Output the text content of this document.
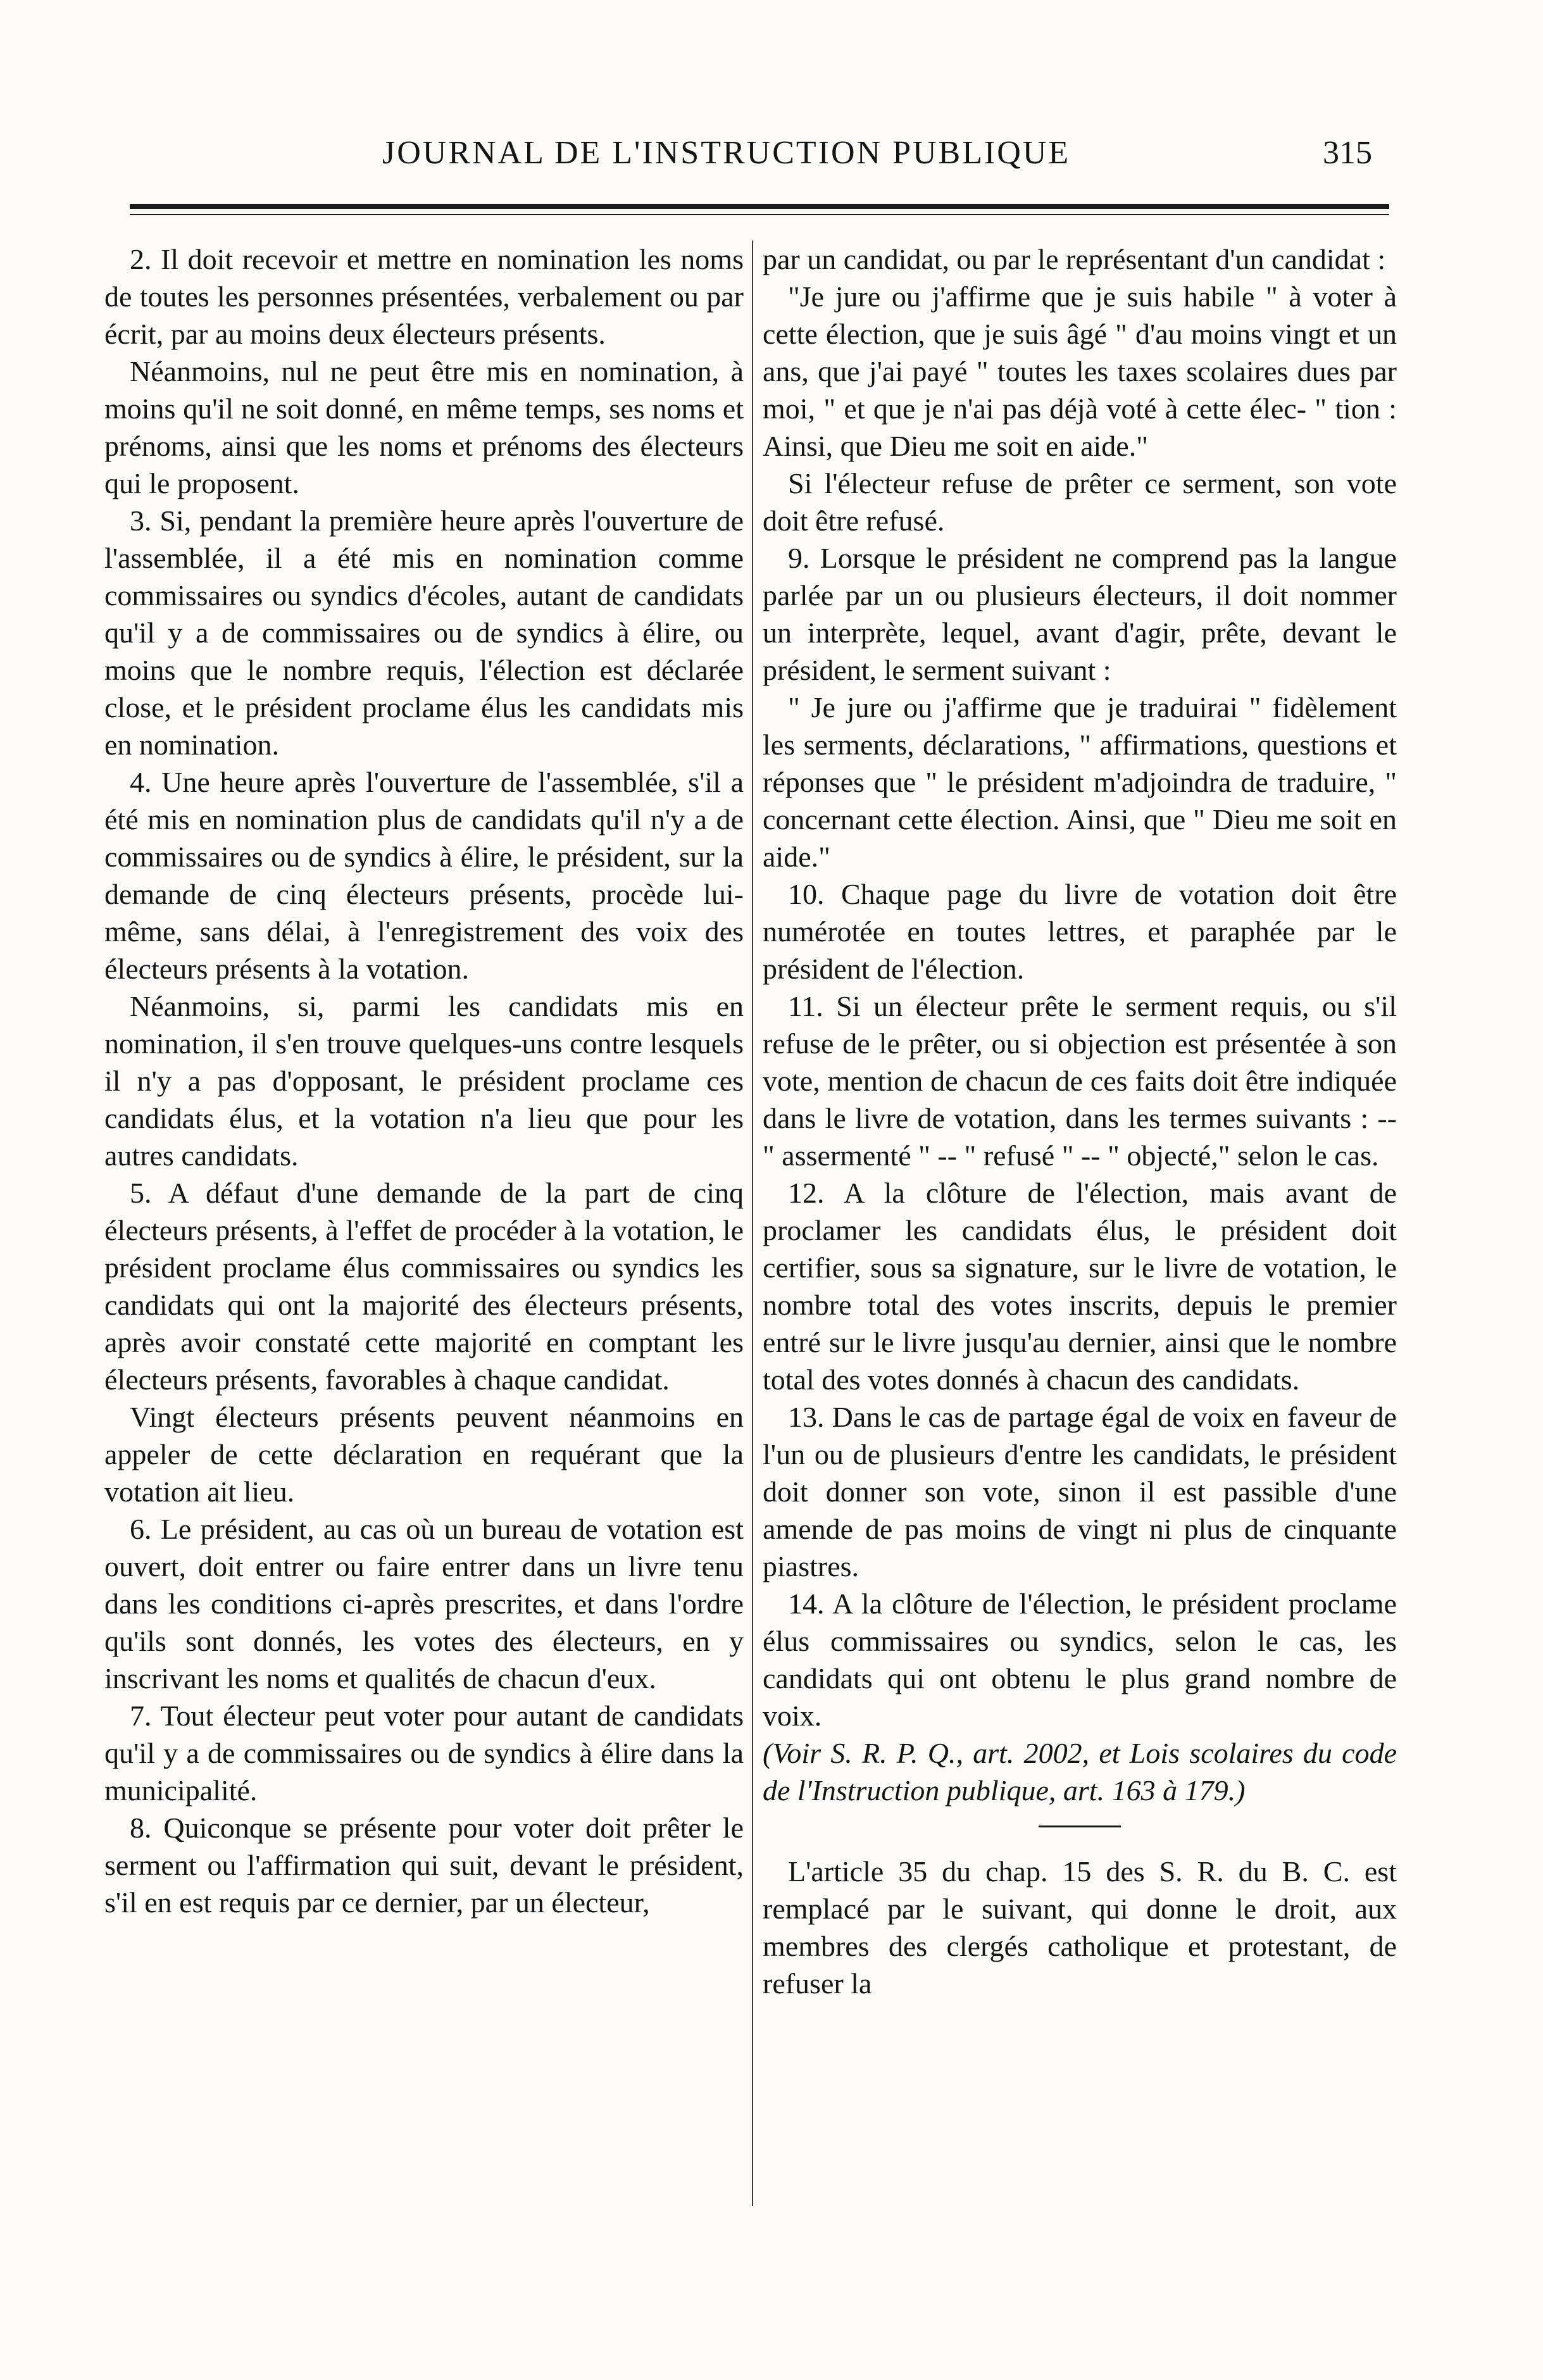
JOURNAL DE L'INSTRUCTION PUBLIQUE	315

2. Il doit recevoir et mettre en nomination les noms de toutes les personnes présentées, verbalement ou par écrit, par au moins deux électeurs présents.

Néanmoins, nul ne peut être mis en nomination, à moins qu'il ne soit donné, en même temps, ses noms et prénoms, ainsi que les noms et prénoms des électeurs qui le proposent.

3. Si, pendant la première heure après l'ouverture de l'assemblée, il a été mis en nomination comme commissaires ou syndics d'écoles, autant de candidats qu'il y a de commissaires ou de syndics à élire, ou moins que le nombre requis, l'élection est déclarée close, et le président proclame élus les candidats mis en nomination.

4. Une heure après l'ouverture de l'assemblée, s'il a été mis en nomination plus de candidats qu'il n'y a de commissaires ou de syndics à élire, le président, sur la demande de cinq électeurs présents, procède lui-même, sans délai, à l'enregistrement des voix des électeurs présents à la votation.

Néanmoins, si, parmi les candidats mis en nomination, il s'en trouve quelques-uns contre lesquels il n'y a pas d'opposant, le président proclame ces candidats élus, et la votation n'a lieu que pour les autres candidats.

5. A défaut d'une demande de la part de cinq électeurs présents, à l'effet de procéder à la votation, le président proclame élus commissaires ou syndics les candidats qui ont la majorité des électeurs présents, après avoir constaté cette majorité en comptant les électeurs présents, favorables à chaque candidat.

Vingt électeurs présents peuvent néanmoins en appeler de cette déclaration en requérant que la votation ait lieu.

6. Le président, au cas où un bureau de votation est ouvert, doit entrer ou faire entrer dans un livre tenu dans les conditions ci-après prescrites, et dans l'ordre qu'ils sont donnés, les votes des électeurs, en y inscrivant les noms et qualités de chacun d'eux.

7. Tout électeur peut voter pour autant de candidats qu'il y a de commissaires ou de syndics à élire dans la municipalité.

8. Quiconque se présente pour voter doit prêter le serment ou l'affirmation qui suit, devant le président, s'il en est requis par ce dernier, par un électeur,

par un candidat, ou par le représentant d'un candidat :

"Je jure ou j'affirme que je suis habile " à voter à cette élection, que je suis âgé " d'au moins vingt et un ans, que j'ai payé " toutes les taxes scolaires dues par moi, " et que je n'ai pas déjà voté à cette élec- " tion : Ainsi, que Dieu me soit en aide."

Si l'électeur refuse de prêter ce serment, son vote doit être refusé.

9. Lorsque le président ne comprend pas la langue parlée par un ou plusieurs électeurs, il doit nommer un interprète, lequel, avant d'agir, prête, devant le président, le serment suivant :

" Je jure ou j'affirme que je traduirai " fidèlement les serments, déclarations, " affirmations, questions et réponses que " le président m'adjoindra de traduire, " concernant cette élection. Ainsi, que " Dieu me soit en aide."

10. Chaque page du livre de votation doit être numérotée en toutes lettres, et paraphée par le président de l'élection.

11. Si un électeur prête le serment requis, ou s'il refuse de le prêter, ou si objection est présentée à son vote, mention de chacun de ces faits doit être indiquée dans le livre de votation, dans les termes suivants : -- " assermenté " -- " refusé " -- " objecté," selon le cas.

12. A la clôture de l'élection, mais avant de proclamer les candidats élus, le président doit certifier, sous sa signature, sur le livre de votation, le nombre total des votes inscrits, depuis le premier entré sur le livre jusqu'au dernier, ainsi que le nombre total des votes donnés à chacun des candidats.

13. Dans le cas de partage égal de voix en faveur de l'un ou de plusieurs d'entre les candidats, le président doit donner son vote, sinon il est passible d'une amende de pas moins de vingt ni plus de cinquante piastres.

14. A la clôture de l'élection, le président proclame élus commissaires ou syndics, selon le cas, les candidats qui ont obtenu le plus grand nombre de voix.

(Voir S. R. P. Q., art. 2002, et Lois scolaires du code de l'Instruction publique, art. 163 à 179.)

L'article 35 du chap. 15 des S. R. du B. C. est remplacé par le suivant, qui donne le droit, aux membres des clergés catholique et protestant, de refuser la
